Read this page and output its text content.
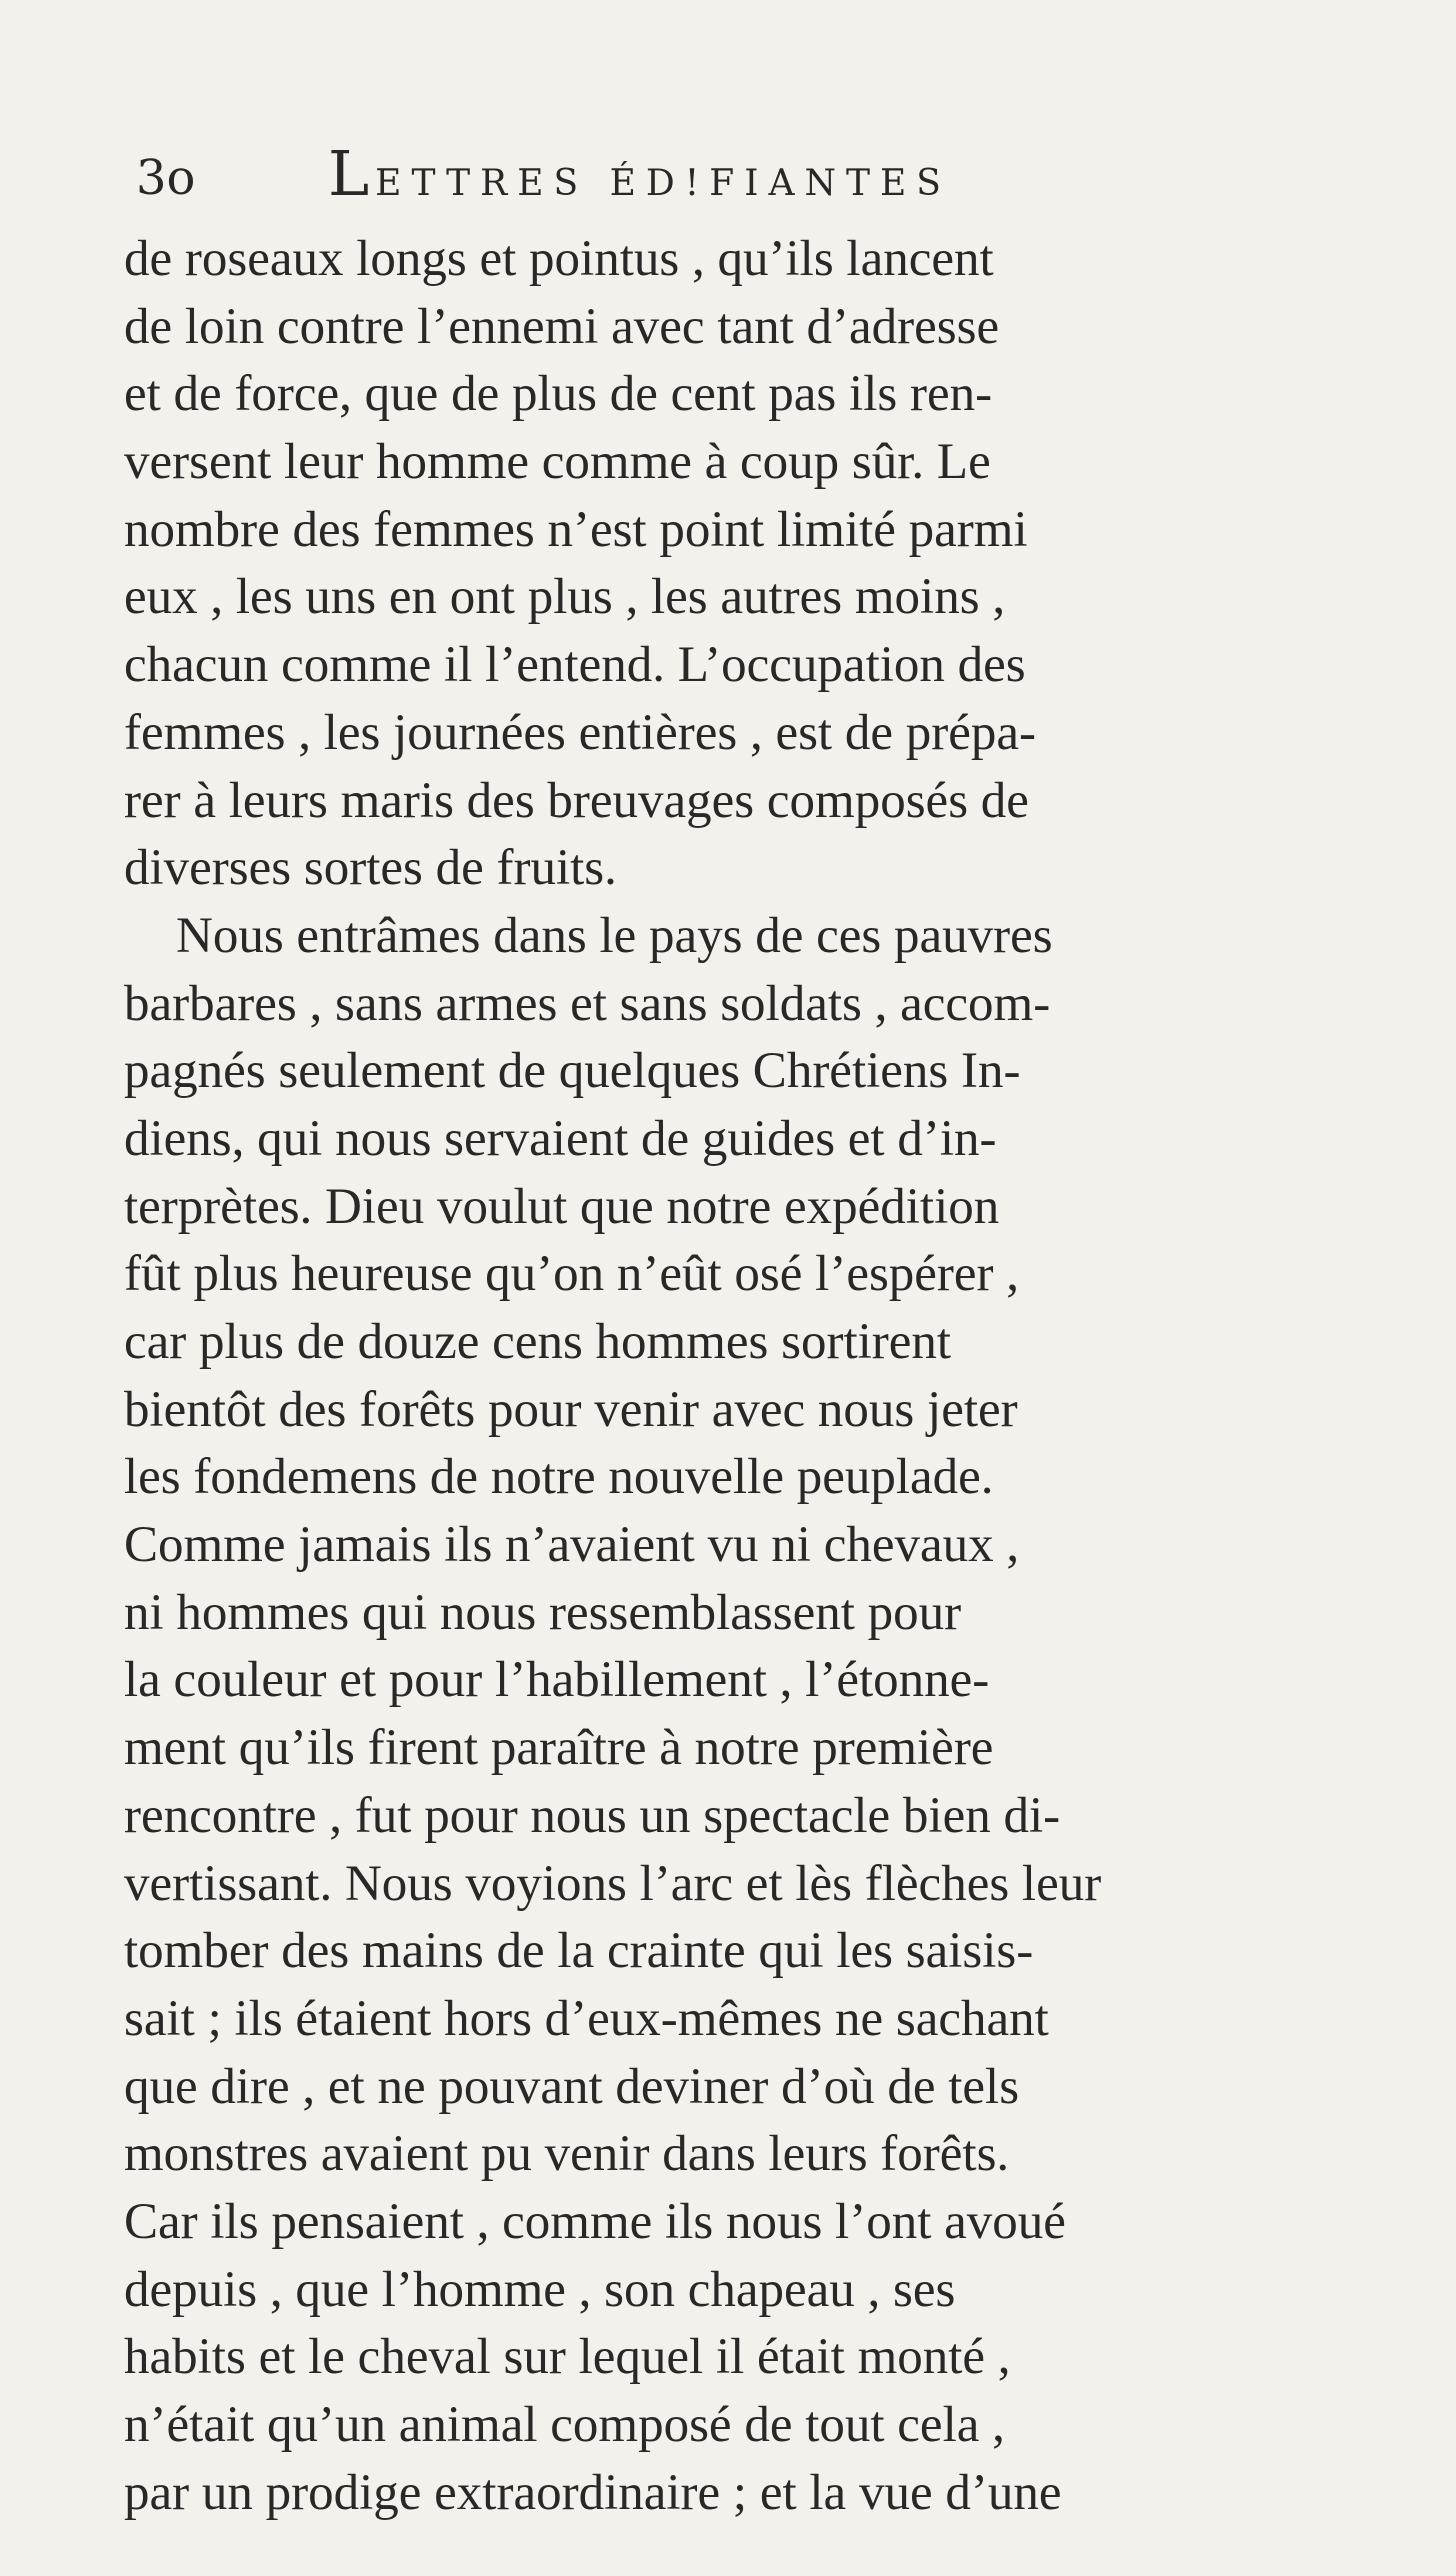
3o LETTRES ÉD!FIANTES
de roseaux longs et pointus , qu’ils lancent
de loin contre l’ennemi avec tant d’adresse
et de force, que de plus de cent pas ils ren-
versent leur homme comme à coup sûr. Le
nombre des femmes n’est point limité parmi
eux , les uns en ont plus , les autres moins ,
chacun comme il l’entend. L’occupation des
femmes , les journées entières , est de prépa-
rer à leurs maris des breuvages composés de
diverses sortes de fruits.
Nous entrâmes dans le pays de ces pauvres
barbares , sans armes et sans soldats , accom-
pagnés seulement de quelques Chrétiens In-
diens, qui nous servaient de guides et d’in-
terprètes. Dieu voulut que notre expédition
fût plus heureuse qu’on n’eût osé l’espérer ,
car plus de douze cens hommes sortirent
bientôt des forêts pour venir avec nous jeter
les fondemens de notre nouvelle peuplade.
Comme jamais ils n’avaient vu ni chevaux ,
ni hommes qui nous ressemblassent pour
la couleur et pour l’habillement , l’étonne-
ment qu’ils firent paraître à notre première
rencontre , fut pour nous un spectacle bien di-
vertissant. Nous voyions l’arc et lès flèches leur
tomber des mains de la crainte qui les saisis-
sait ; ils étaient hors d’eux-mêmes ne sachant
que dire , et ne pouvant deviner d’où de tels
monstres avaient pu venir dans leurs forêts.
Car ils pensaient , comme ils nous l’ont avoué
depuis , que l’homme , son chapeau , ses
habits et le cheval sur lequel il était monté ,
n’était qu’un animal composé de tout cela ,
par un prodige extraordinaire ; et la vue d’une
